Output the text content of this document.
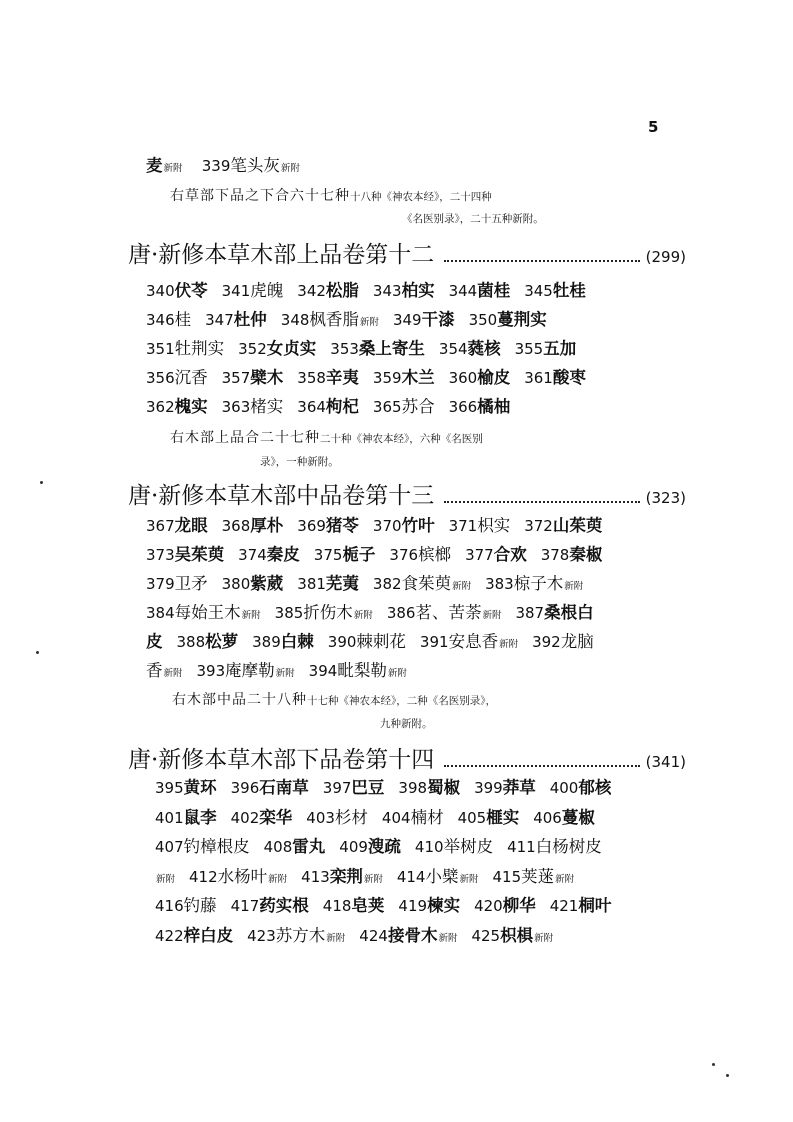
5
麦新附 339笔头灰新附
右草部下品之下合六十七种十八种《神农本经》，二十四种
《名医别录》，二十五种新附。
唐·新修本草木部上品卷第十二	(299)
340伏苓 341虎魄 342松脂 343柏实 344菌桂 345牡桂
346桂 347杜仲 348枫香脂新附 349干漆 350蔓荆实
351牡荆实 352女贞实 353桑上寄生 354蕤核 355五加
356沉香 357檗木 358辛夷 359木兰 360榆皮 361酸枣
362槐实 363楮实 364枸杞 365苏合 366橘柚
右木部上品合二十七种二十种《神农本经》，六种《名医别
录》，一种新附。
唐·新修本草木部中品卷第十三	(323)
367龙眼 368厚朴 369猪苓 370竹叶 371枳实 372山茱萸
373吴茱萸 374秦皮 375栀子 376槟榔 377合欢 378秦椒
379卫矛 380紫葳 381芜荑 382食茱萸新附 383椋子木新附
384每始王木新附 385折伤木新附 386茗、苦荼新附 387桑根白
皮 388松萝 389白棘 390棘刺花 391安息香新附 392龙脑
香新附 393庵摩勒新附 394毗梨勒新附
右木部中品二十八种十七种《神农本经》，二种《名医别录》，
九种新附。
唐·新修本草木部下品卷第十四	(341)
395黄环 396石南草 397巴豆 398蜀椒 399莽草 400郁核
401鼠李 402栾华 403杉材 404楠材 405榧实 406蔓椒
407钓樟根皮 408雷丸 409溲疏 410举树皮 411白杨树皮
新附 412水杨叶新附 413栾荆新附 414小檗新附 415荚蒾新附
416钓藤 417药实根 418皂荚 419楝实 420柳华 421桐叶
422梓白皮 423苏方木新附 424接骨木新附 425枳椇新附
